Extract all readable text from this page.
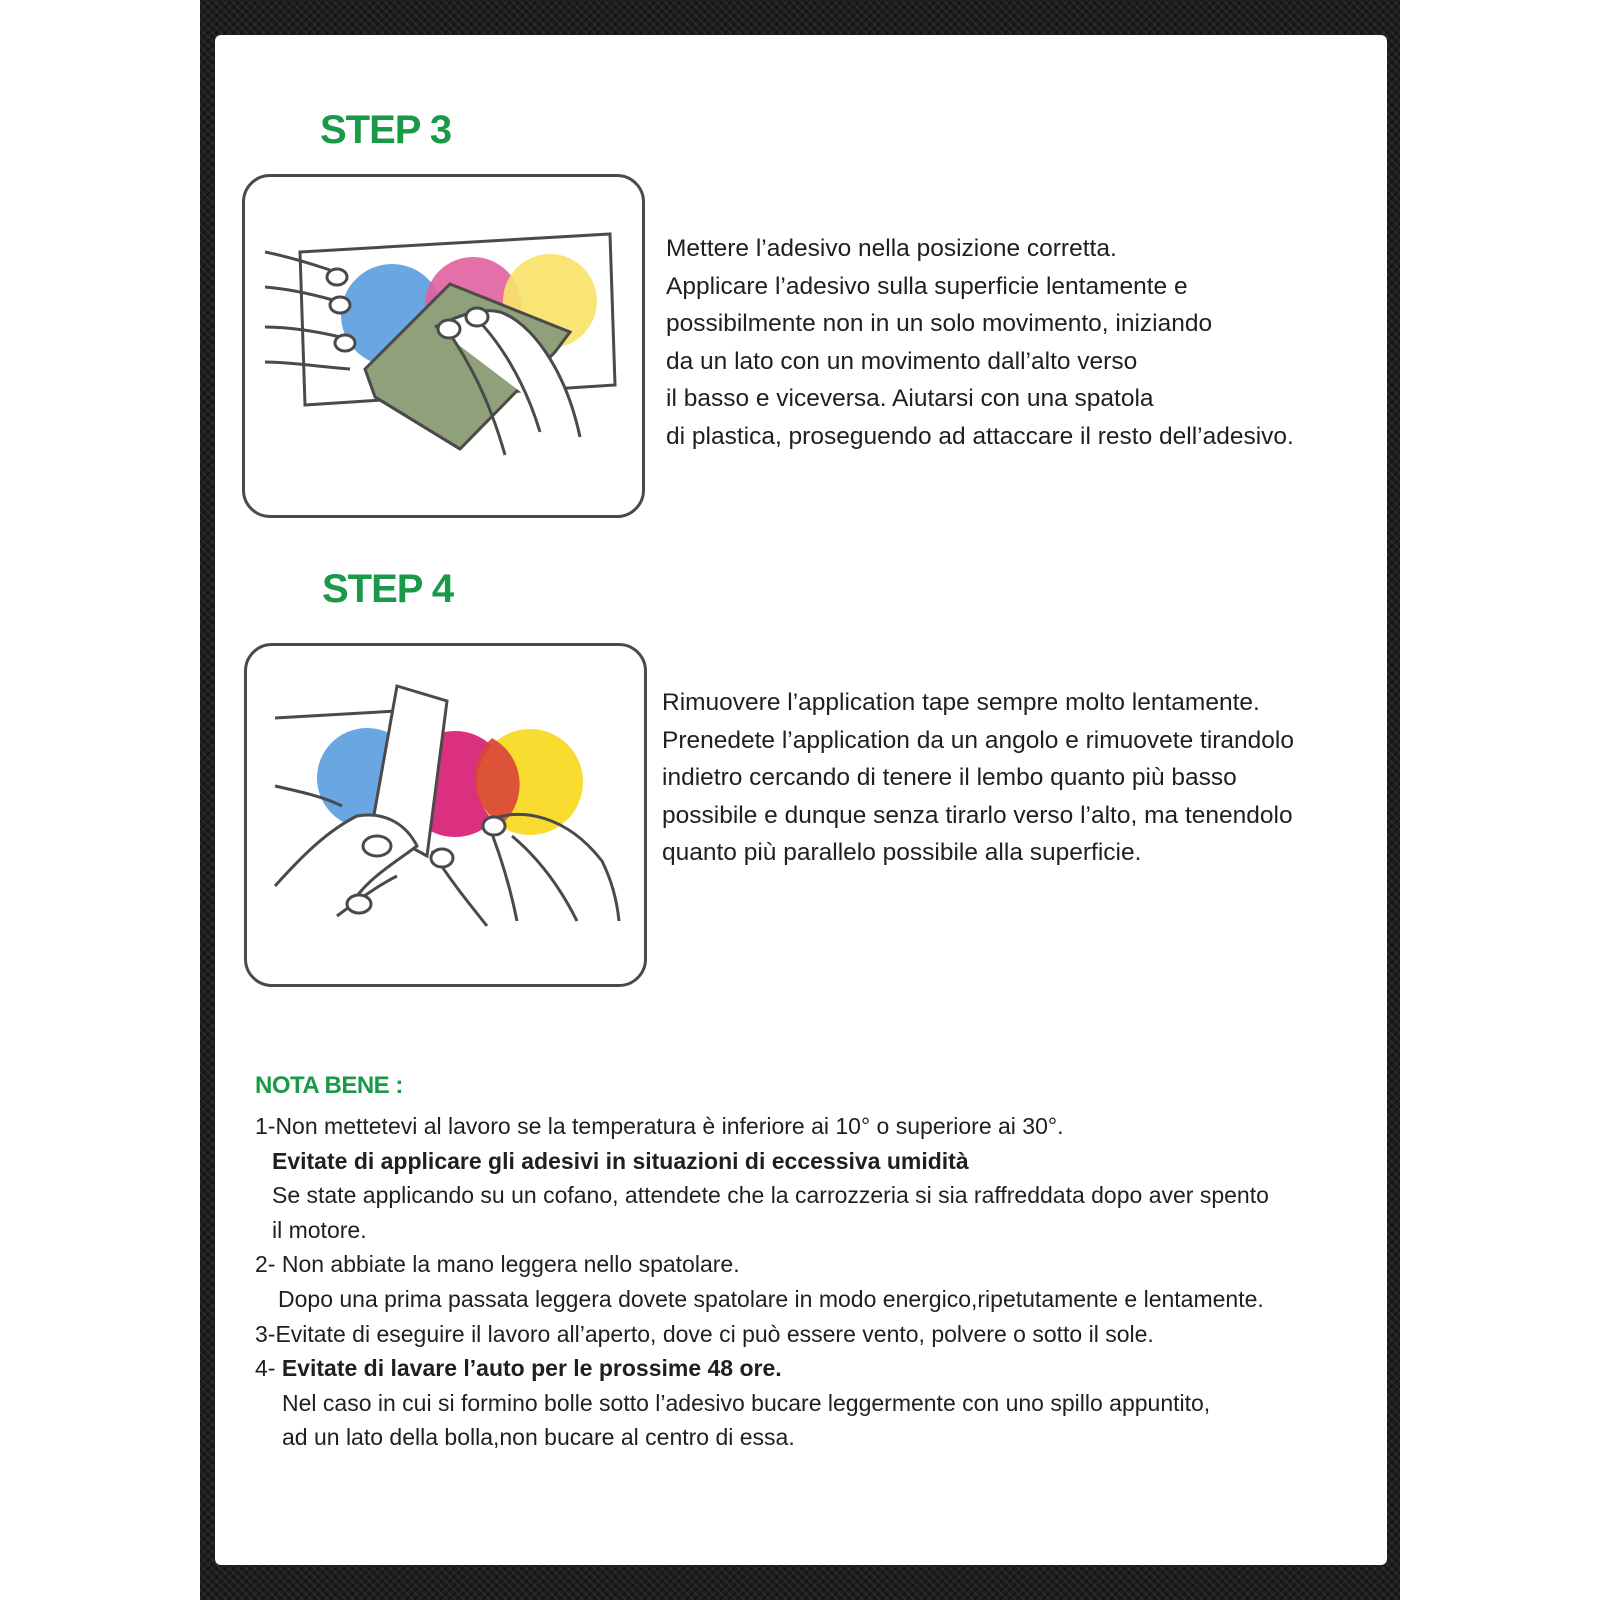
STEP 3

Mettere l’adesivo nella posizione corretta.
Applicare l’adesivo sulla superficie lentamente e
possibilmente non in un solo movimento, iniziando
da un lato con un movimento dall’alto verso
il basso e viceversa. Aiutarsi con una spatola
di plastica, proseguendo ad attaccare il resto dell’adesivo.

STEP 4

Rimuovere l’application tape sempre molto lentamente.
Prenedete l’application da un angolo e rimuovete tirandolo
indietro cercando di tenere il lembo quanto più basso
possibile e dunque senza tirarlo verso l’alto, ma tenendolo
quanto più parallelo possibile alla superficie.

NOTA BENE :
1-Non mettetevi al lavoro se la temperatura è inferiore ai 10° o superiore ai 30°.
Evitate di applicare gli adesivi in situazioni di eccessiva umidità
Se state applicando su un cofano, attendete che la carrozzeria si sia raffreddata dopo aver spento
il motore.
2- Non abbiate la mano leggera nello spatolare.
Dopo una prima passata leggera dovete spatolare in modo energico,ripetutamente e lentamente.
3-Evitate di eseguire il lavoro all’aperto, dove ci può essere vento, polvere o sotto il sole.
4- Evitate di lavare l’auto per le prossime 48 ore.
Nel caso in cui si formino bolle sotto l’adesivo bucare leggermente con uno spillo appuntito,
ad un lato della bolla,non bucare al centro di essa.
